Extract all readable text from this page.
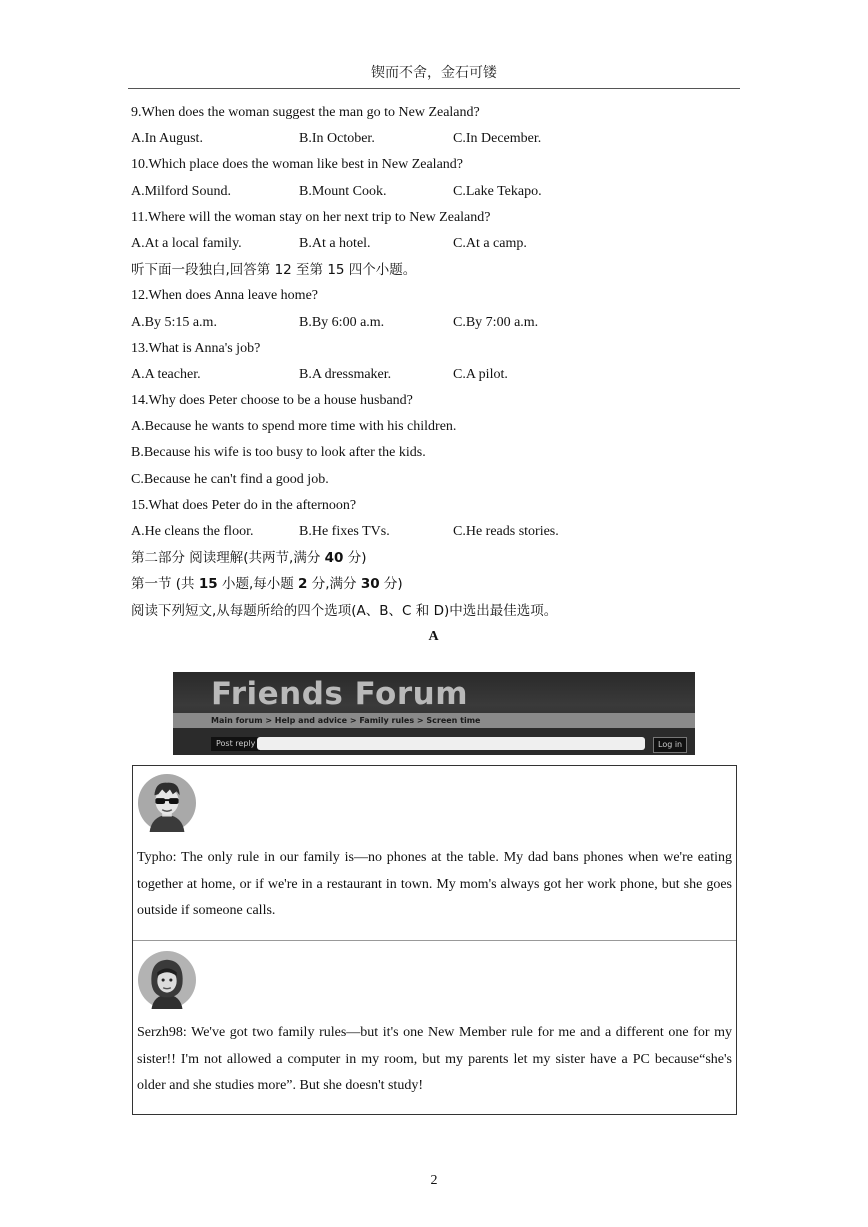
锲而不舍，金石可镂
9.When does the woman suggest the man go to New Zealand?
A.In August.	B.In October.	C.In December.
10.Which place does the woman like best in New Zealand?
A.Milford Sound.	B.Mount Cook.	C.Lake Tekapo.
11.Where will the woman stay on her next trip to New Zealand?
A.At a local family.	B.At a hotel.	C.At a camp.
听下面一段独白,回答第 12 至第 15 四个小题。
12.When does Anna leave home?
A.By 5:15 a.m.	B.By 6:00 a.m.	C.By 7:00 a.m.
13.What is Anna's job?
A.A teacher.	B.A dressmaker.	C.A pilot.
14.Why does Peter choose to be a house husband?
A.Because he wants to spend more time with his children.
B.Because his wife is too busy to look after the kids.
C.Because he can't find a good job.
15.What does Peter do in the afternoon?
A.He cleans the floor.	B.He fixes TVs.	C.He reads stories.
第二部分 阅读理解(共两节,满分 40 分)
第一节 (共 15 小题,每小题 2 分,满分 30 分)
阅读下列短文,从每题所给的四个选项(A、B、C 和 D)中选出最佳选项。
A
Friends Forum
Main forum > Help and advice > Family rules > Screen time
Post reply	Log in
Typho: The only rule in our family is—no phones at the table. My dad bans phones when we're eating together at home, or if we're in a restaurant in town. My mom's always got her work phone, but she goes outside if someone calls.
Serzh98: We've got two family rules—but it's one New Member rule for me and a different one for my sister!! I'm not allowed a computer in my room, but my parents let my sister have a PC because“she's older and she studies more”. But she doesn't study!
2
